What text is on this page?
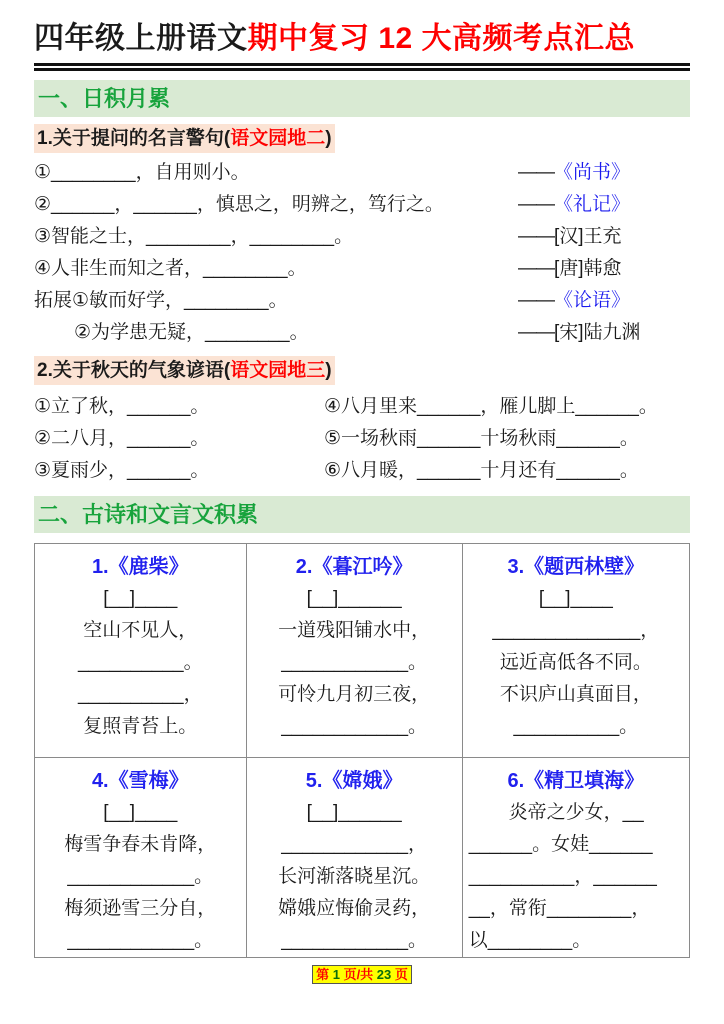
四年级上册语文期中复习 12 大高频考点汇总
一、日积月累
1.关于提问的名言警句(语文园地二)
①________，自用则小。	——《尚书》
②______，______，慎思之，明辨之，笃行之。	——《礼记》
③智能之士，________，________。	——[汉]王充
④人非生而知之者，________。	——[唐]韩愈
拓展①敏而好学，________。	——《论语》
②为学患无疑，________。	——[宋]陆九渊
2.关于秋天的气象谚语(语文园地三)
①立了秋，______。	④八月里来______，雁儿脚上______。
②二八月，______。	⑤一场秋雨______十场秋雨______。
③夏雨少，______。	⑥八月暖，______十月还有______。
二、古诗和文言文积累
1.《鹿柴》
[__]____
空山不见人，
__________。
__________，
复照青苔上。

2.《暮江吟》
[__]______
一道残阳铺水中，
____________。
可怜九月初三夜，
____________。

3.《题西林壁》
[__]____
______________，
远近高低各不同。
不识庐山真面目，
__________。

4.《雪梅》
[__]____
梅雪争春未肯降，
____________。
梅须逊雪三分自，
____________。

5.《嫦娥》
[__]______
____________，
长河渐落晓星沉。
嫦娥应悔偷灵药，
____________。

6.《精卫填海》
炎帝之少女，__
______。女娃______
__________，______
__，常衔________，
以________。
第 1 页/共 23 页
